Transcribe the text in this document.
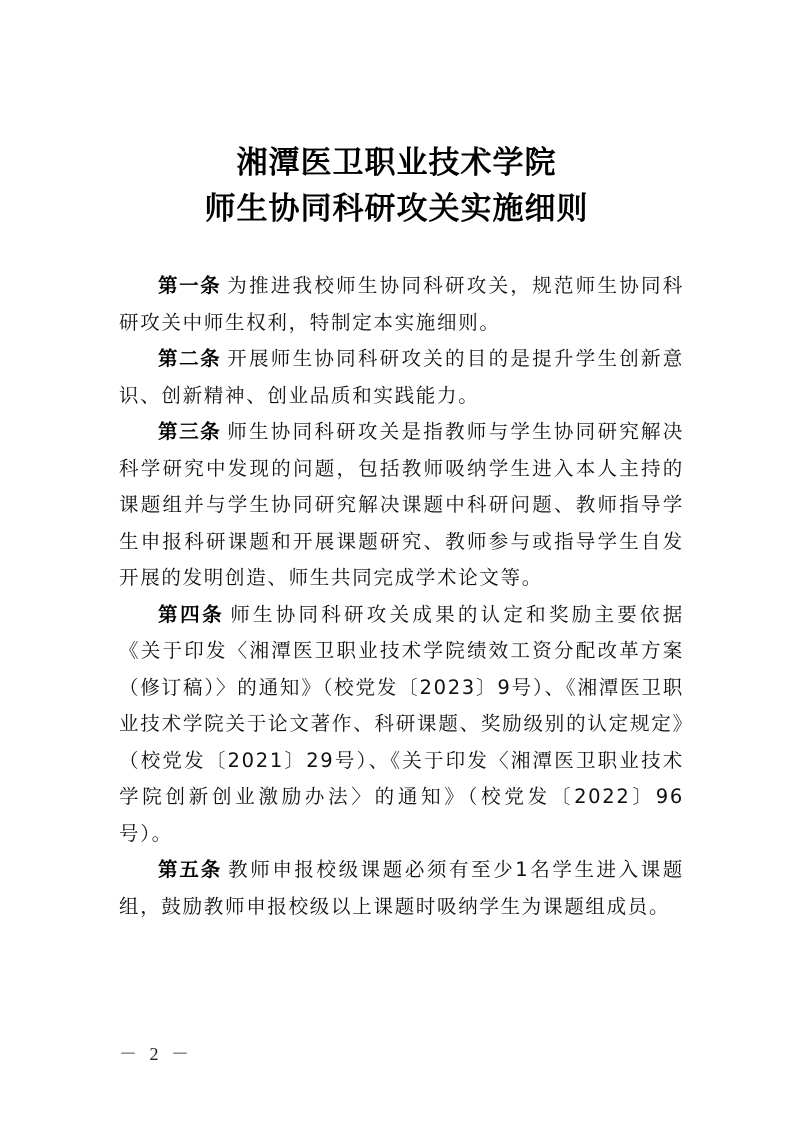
湘潭医卫职业技术学院
师生协同科研攻关实施细则

第一条 为推进我校师生协同科研攻关，规范师生协同科研攻关中师生权利，特制定本实施细则。

第二条 开展师生协同科研攻关的目的是提升学生创新意识、创新精神、创业品质和实践能力。

第三条 师生协同科研攻关是指教师与学生协同研究解决科学研究中发现的问题，包括教师吸纳学生进入本人主持的课题组并与学生协同研究解决课题中科研问题、教师指导学生申报科研课题和开展课题研究、教师参与或指导学生自发开展的发明创造、师生共同完成学术论文等。

第四条 师生协同科研攻关成果的认定和奖励主要依据《关于印发〈湘潭医卫职业技术学院绩效工资分配改革方案（修订稿）〉的通知》（校党发〔2023〕9号）、《湘潭医卫职业技术学院关于论文著作、科研课题、奖励级别的认定规定》（校党发〔2021〕29号）、《关于印发〈湘潭医卫职业技术学院创新创业激励办法〉的通知》（校党发〔2022〕96号）。

第五条 教师申报校级课题必须有至少1名学生进入课题组，鼓励教师申报校级以上课题时吸纳学生为课题组成员。

－ 2 －
